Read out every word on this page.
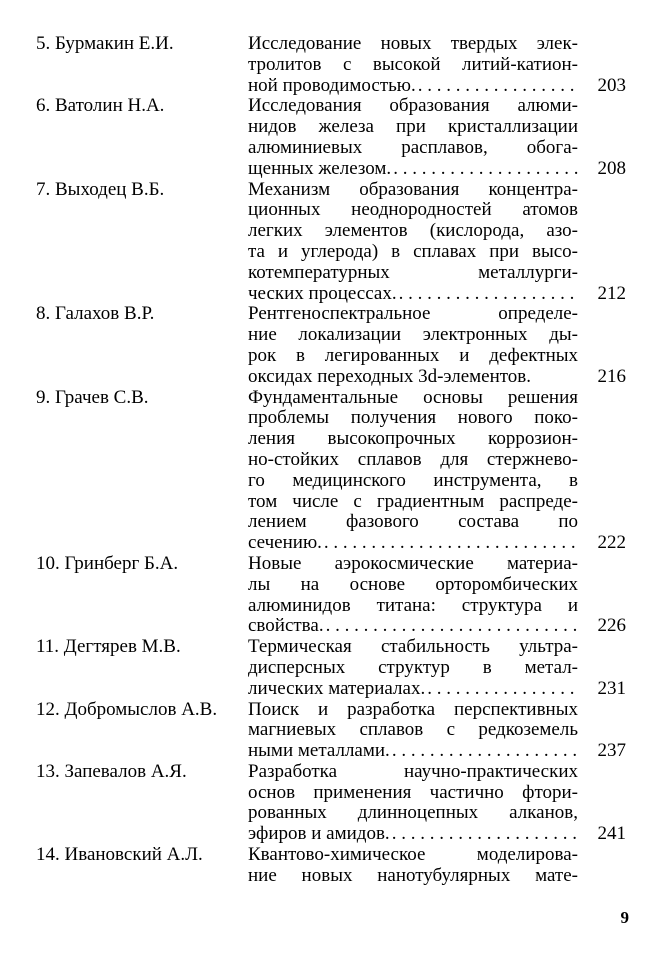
5. Бурмакин Е.И.	Исследование новых твердых элек-
тролитов с высокой литий-катион-
ной проводимостью. . . .	203
6. Ватолин Н.А.	Исследования образования алюми-
нидов железа при кристаллизации
алюминиевых расплавов, обога-
щенных железом. . . .	208
7. Выходец В.Б.	Механизм образования концентра-
ционных неоднородностей атомов
легких элементов (кислорода, азо-
та и углерода) в сплавах при высо-
котемпературных металлурги-
ческих процессах. . . .	212
8. Галахов В.Р.	Рентгеноспектральное определе-
ние локализации электронных ды-
рок в легированных и дефектных
оксидах переходных 3d-элементов.	216
9. Грачев С.В.	Фундаментальные основы решения
проблемы получения нового поко-
ления высокопрочных коррозион-
но-стойких сплавов для стержнево-
го медицинского инструмента, в
том числе с градиентным распреде-
лением фазового состава по
сечению. . . .	222
10. Гринберг Б.А.	Новые аэрокосмические материа-
лы на основе орторомбических
алюминидов титана: структура и
свойства. . . .	226
11. Дегтярев М.В.	Термическая стабильность ультра-
дисперсных структур в метал-
лических материалах. . . .	231
12. Добромыслов А.В.	Поиск и разработка перспективных
магниевых сплавов с редкоземель
ными металлами. . . .	237
13. Запевалов А.Я.	Разработка научно-практических
основ применения частично фтори-
рованных длинноцепных алканов,
эфиров и амидов. . . .	241
14. Ивановский А.Л.	Квантово-химическое моделирова-
ние новых нанотубулярных мате-
9
